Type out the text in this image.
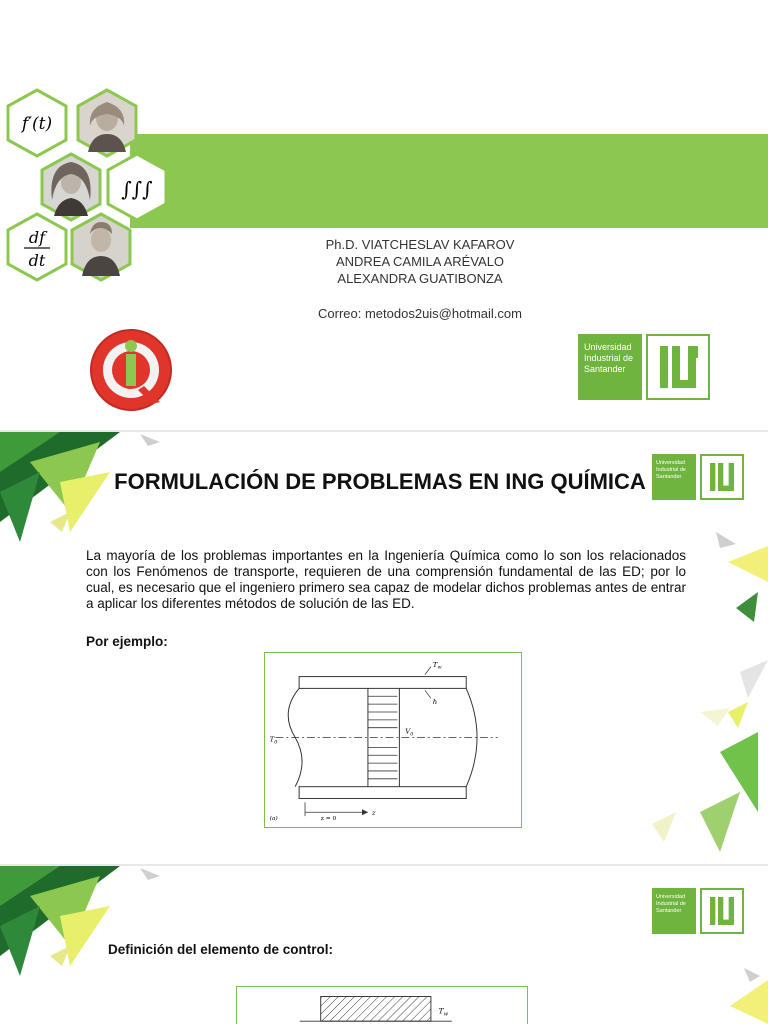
f′(t)
∫∫∫
df
dt
Ph.D. VIATCHESLAV KAFAROV
ANDREA CAMILA ARÉVALO
ALEXANDRA GUATIBONZA
Correo: metodos2uis@hotmail.com
Universidad
Industrial de
Santander
Universidad
Industrial de
Santander
FORMULACIÓN DE PROBLEMAS EN ING QUÍMICA
La mayoría de los problemas importantes en la Ingeniería Química como lo son los relacionados con los Fenómenos de transporte, requieren de una comprensión fundamental de las ED; por lo cual, es necesario que el ingeniero primero sea capaz de modelar dichos problemas antes de entrar a aplicar los diferentes métodos de solución de las ED.
Por ejemplo:
$T_w$
h
$T_0$
$V_0$
z
z = 0
(a)
Universidad
Industrial de
Santander
Definición del elemento de control:
$T_w$
